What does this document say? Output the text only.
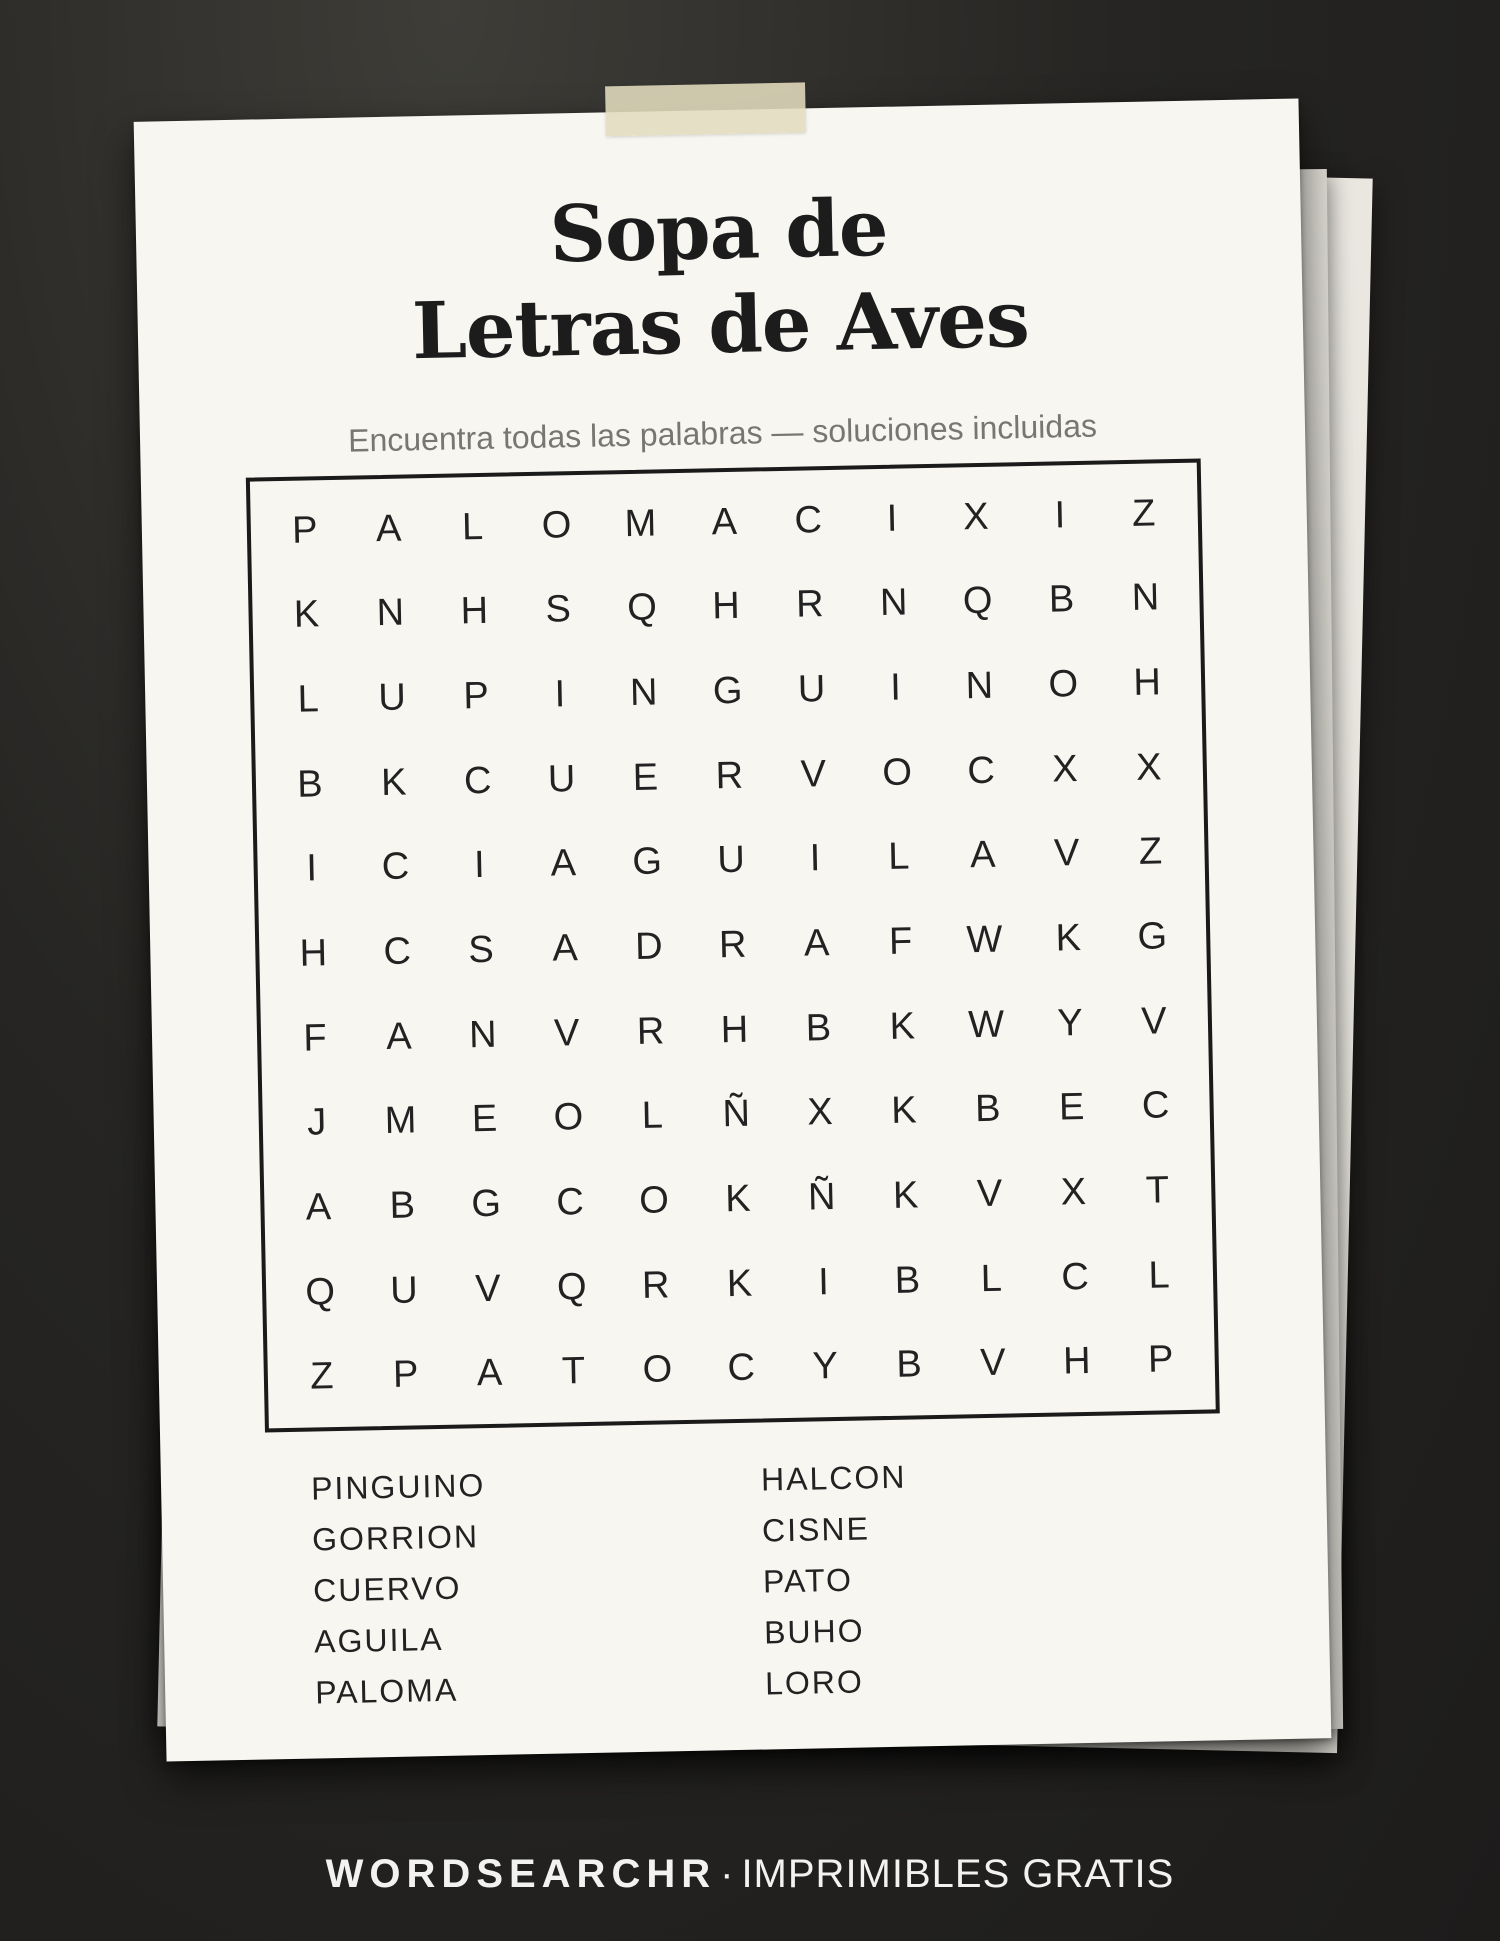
Sopa de
Letras de Aves
Encuentra todas las palabras — soluciones incluidas
P	A	L	O	M	A	C	I	X	I	Z
K	N	H	S	Q	H	R	N	Q	B	N
L	U	P	I	N	G	U	I	N	O	H
B	K	C	U	E	R	V	O	C	X	X
I	C	I	A	G	U	I	L	A	V	Z
H	C	S	A	D	R	A	F	W	K	G
F	A	N	V	R	H	B	K	W	Y	V
J	M	E	O	L	Ñ	X	K	B	E	C
A	B	G	C	O	K	Ñ	K	V	X	T
Q	U	V	Q	R	K	I	B	L	C	L
Z	P	A	T	O	C	Y	B	V	H	P
PINGUINO
GORRION
CUERVO
AGUILA
PALOMA
HALCON
CISNE
PATO
BUHO
LORO
WORDSEARCHR · IMPRIMIBLES GRATIS
